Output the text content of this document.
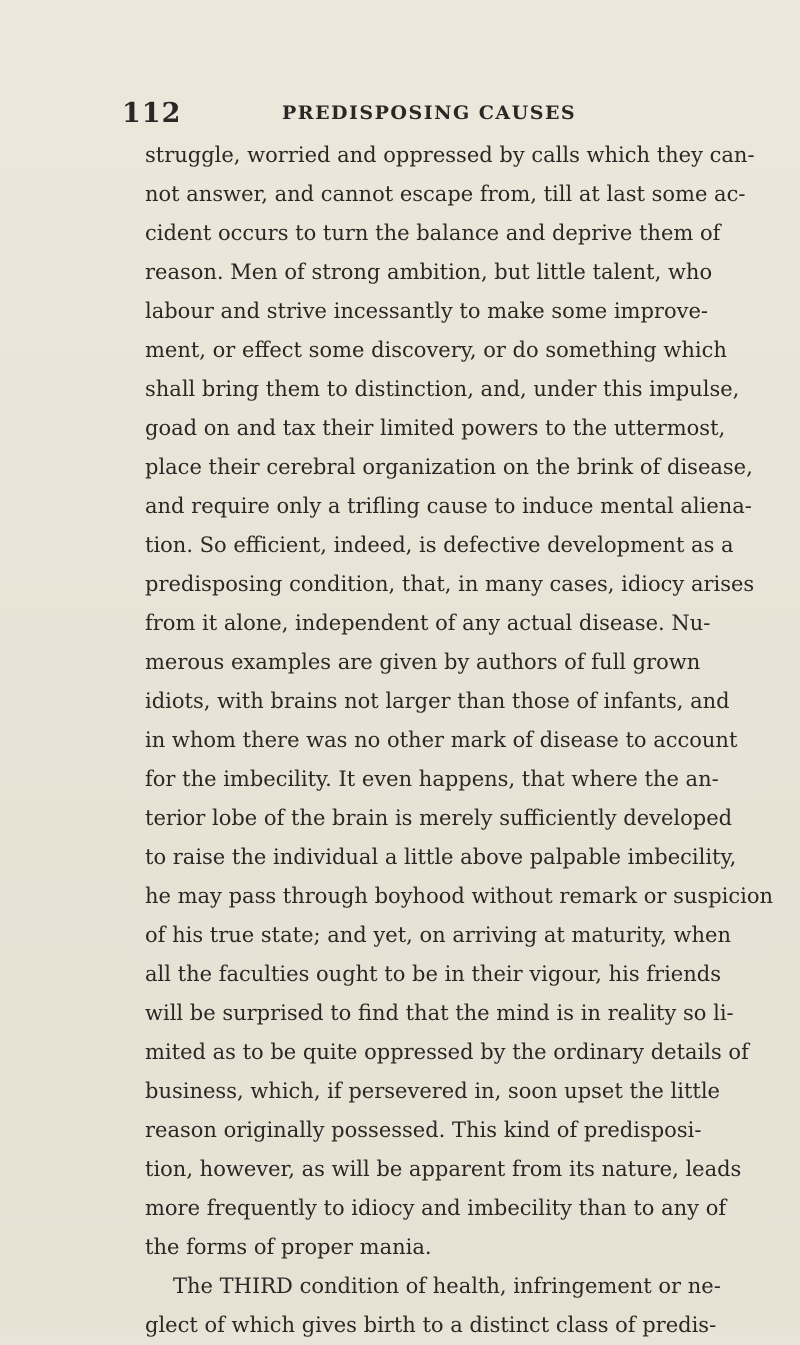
112	PREDISPOSING CAUSES
struggle, worried and oppressed by calls which they can-
not answer, and cannot escape from, till at last some ac-
cident occurs to turn the balance and deprive them of
reason. Men of strong ambition, but little talent, who
labour and strive incessantly to make some improve-
ment, or effect some discovery, or do something which
shall bring them to distinction, and, under this impulse,
goad on and tax their limited powers to the uttermost,
place their cerebral organization on the brink of disease,
and require only a trifling cause to induce mental aliena-
tion. So efficient, indeed, is defective development as a
predisposing condition, that, in many cases, idiocy arises
from it alone, independent of any actual disease. Nu-
merous examples are given by authors of full grown
idiots, with brains not larger than those of infants, and
in whom there was no other mark of disease to account
for the imbecility. It even happens, that where the an-
terior lobe of the brain is merely sufficiently developed
to raise the individual a little above palpable imbecility,
he may pass through boyhood without remark or suspicion
of his true state; and yet, on arriving at maturity, when
all the faculties ought to be in their vigour, his friends
will be surprised to find that the mind is in reality so li-
mited as to be quite oppressed by the ordinary details of
business, which, if persevered in, soon upset the little
reason originally possessed. This kind of predisposi-
tion, however, as will be apparent from its nature, leads
more frequently to idiocy and imbecility than to any of
the forms of proper mania.
The THIRD condition of health, infringement or ne-
glect of which gives birth to a distinct class of predis-
